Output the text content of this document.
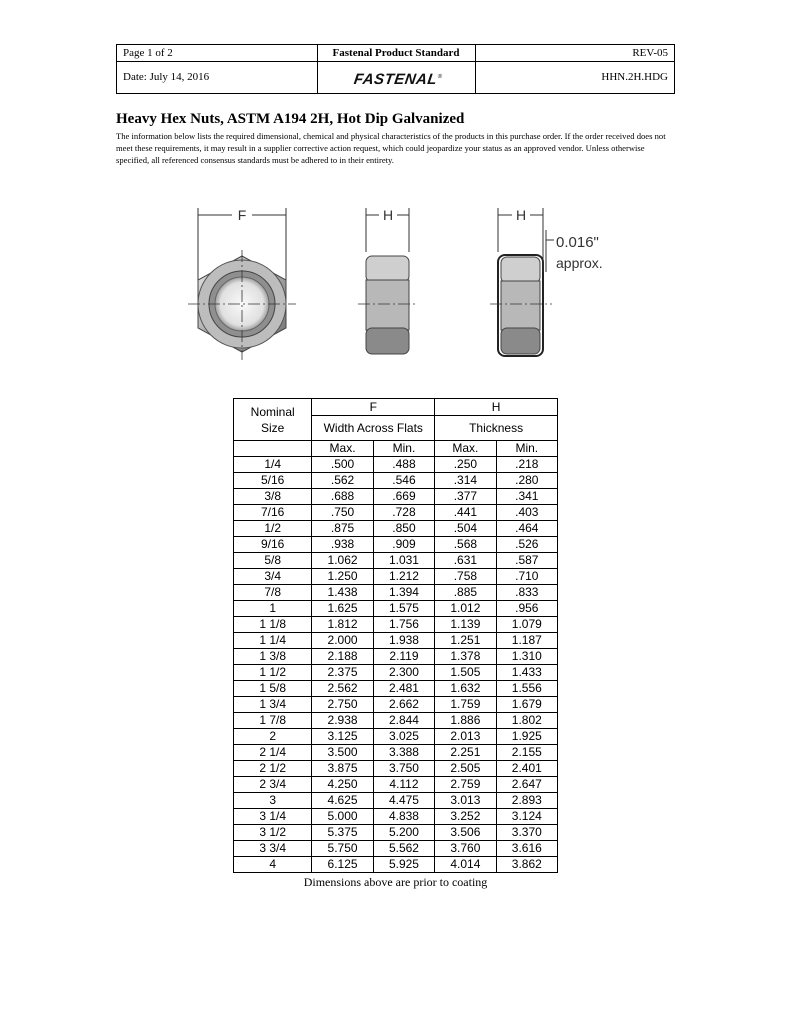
Page 1 of 2	Fastenal Product Standard	REV-05
Date: July 14, 2016	FASTENAL®	HHN.2H.HDG
Heavy Hex Nuts, ASTM A194 2H, Hot Dip Galvanized
The information below lists the required dimensional, chemical and physical characteristics of the products in this purchase order. If the order received does not meet these requirements, it may result in a supplier corrective action request, which could jeopardize your status as an approved vendor. Unless otherwise specified, all referenced consensus standards must be adhered to in their entirety.
F	H	H
0.016"
approx.
Nominal Size	F		H	
	Width Across Flats		Thickness	
	Max.	Min.	Max.	Min.
1/4	.500	.488	.250	.218
5/16	.562	.546	.314	.280
3/8	.688	.669	.377	.341
7/16	.750	.728	.441	.403
1/2	.875	.850	.504	.464
9/16	.938	.909	.568	.526
5/8	1.062	1.031	.631	.587
3/4	1.250	1.212	.758	.710
7/8	1.438	1.394	.885	.833
1	1.625	1.575	1.012	.956
1 1/8	1.812	1.756	1.139	1.079
1 1/4	2.000	1.938	1.251	1.187
1 3/8	2.188	2.119	1.378	1.310
1 1/2	2.375	2.300	1.505	1.433
1 5/8	2.562	2.481	1.632	1.556
1 3/4	2.750	2.662	1.759	1.679
1 7/8	2.938	2.844	1.886	1.802
2	3.125	3.025	2.013	1.925
2 1/4	3.500	3.388	2.251	2.155
2 1/2	3.875	3.750	2.505	2.401
2 3/4	4.250	4.112	2.759	2.647
3	4.625	4.475	3.013	2.893
3 1/4	5.000	4.838	3.252	3.124
3 1/2	5.375	5.200	3.506	3.370
3 3/4	5.750	5.562	3.760	3.616
4	6.125	5.925	4.014	3.862
Dimensions above are prior to coating
